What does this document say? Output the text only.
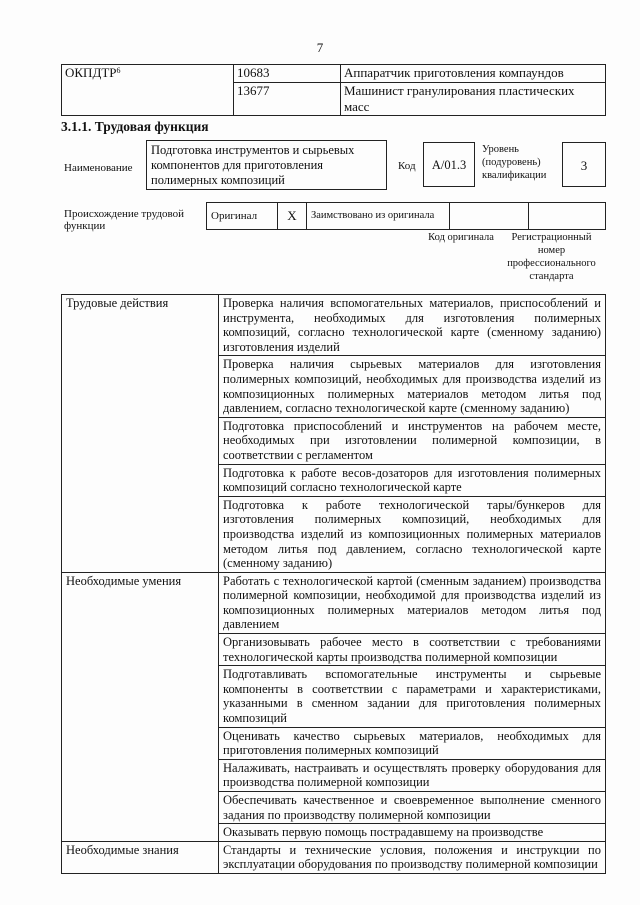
7
ОКПДТР$^6$	10683	Аппаратчик приготовления компаундов
	13677	Машинист гранулирования пластических масс
3.1.1. Трудовая функция
Наименование
Подготовка инструментов и сырьевых компонентов для приготовления полимерных композиций
Код	А/01.3
Уровень (подуровень) квалификации
3
Происхождение трудовой функции
Оригинал	X	Заимствовано из оригинала		
Код оригинала	Регистрационный номер профессионального стандарта
Трудовые действия	Проверка наличия вспомогательных материалов, приспособлений и инструмента, необходимых для изготовления полимерных композиций, согласно технологической карте (сменному заданию) изготовления изделий
	Проверка наличия сырьевых материалов для изготовления полимерных композиций, необходимых для производства изделий из композиционных полимерных материалов методом литья под давлением, согласно технологической карте (сменному заданию)
	Подготовка приспособлений и инструментов на рабочем месте, необходимых при изготовлении полимерной композиции, в соответствии с регламентом
	Подготовка к работе весов-дозаторов для изготовления полимерных композиций согласно технологической карте
	Подготовка к работе технологической тары/бункеров для изготовления полимерных композиций, необходимых для производства изделий из композиционных полимерных материалов методом литья под давлением, согласно технологической карте (сменному заданию)
Необходимые умения	Работать с технологической картой (сменным заданием) производства полимерной композиции, необходимой для производства изделий из композиционных полимерных материалов методом литья под давлением
	Организовывать рабочее место в соответствии с требованиями технологической карты производства полимерной композиции
	Подготавливать вспомогательные инструменты и сырьевые компоненты в соответствии с параметрами и характеристиками, указанными в сменном задании для приготовления полимерных композиций
	Оценивать качество сырьевых материалов, необходимых для приготовления полимерных композиций
	Налаживать, настраивать и осуществлять проверку оборудования для производства полимерной композиции
	Обеспечивать качественное и своевременное выполнение сменного задания по производству полимерной композиции
	Оказывать первую помощь пострадавшему на производстве
Необходимые знания	Стандарты и технические условия, положения и инструкции по эксплуатации оборудования по производству полимерной композиции
